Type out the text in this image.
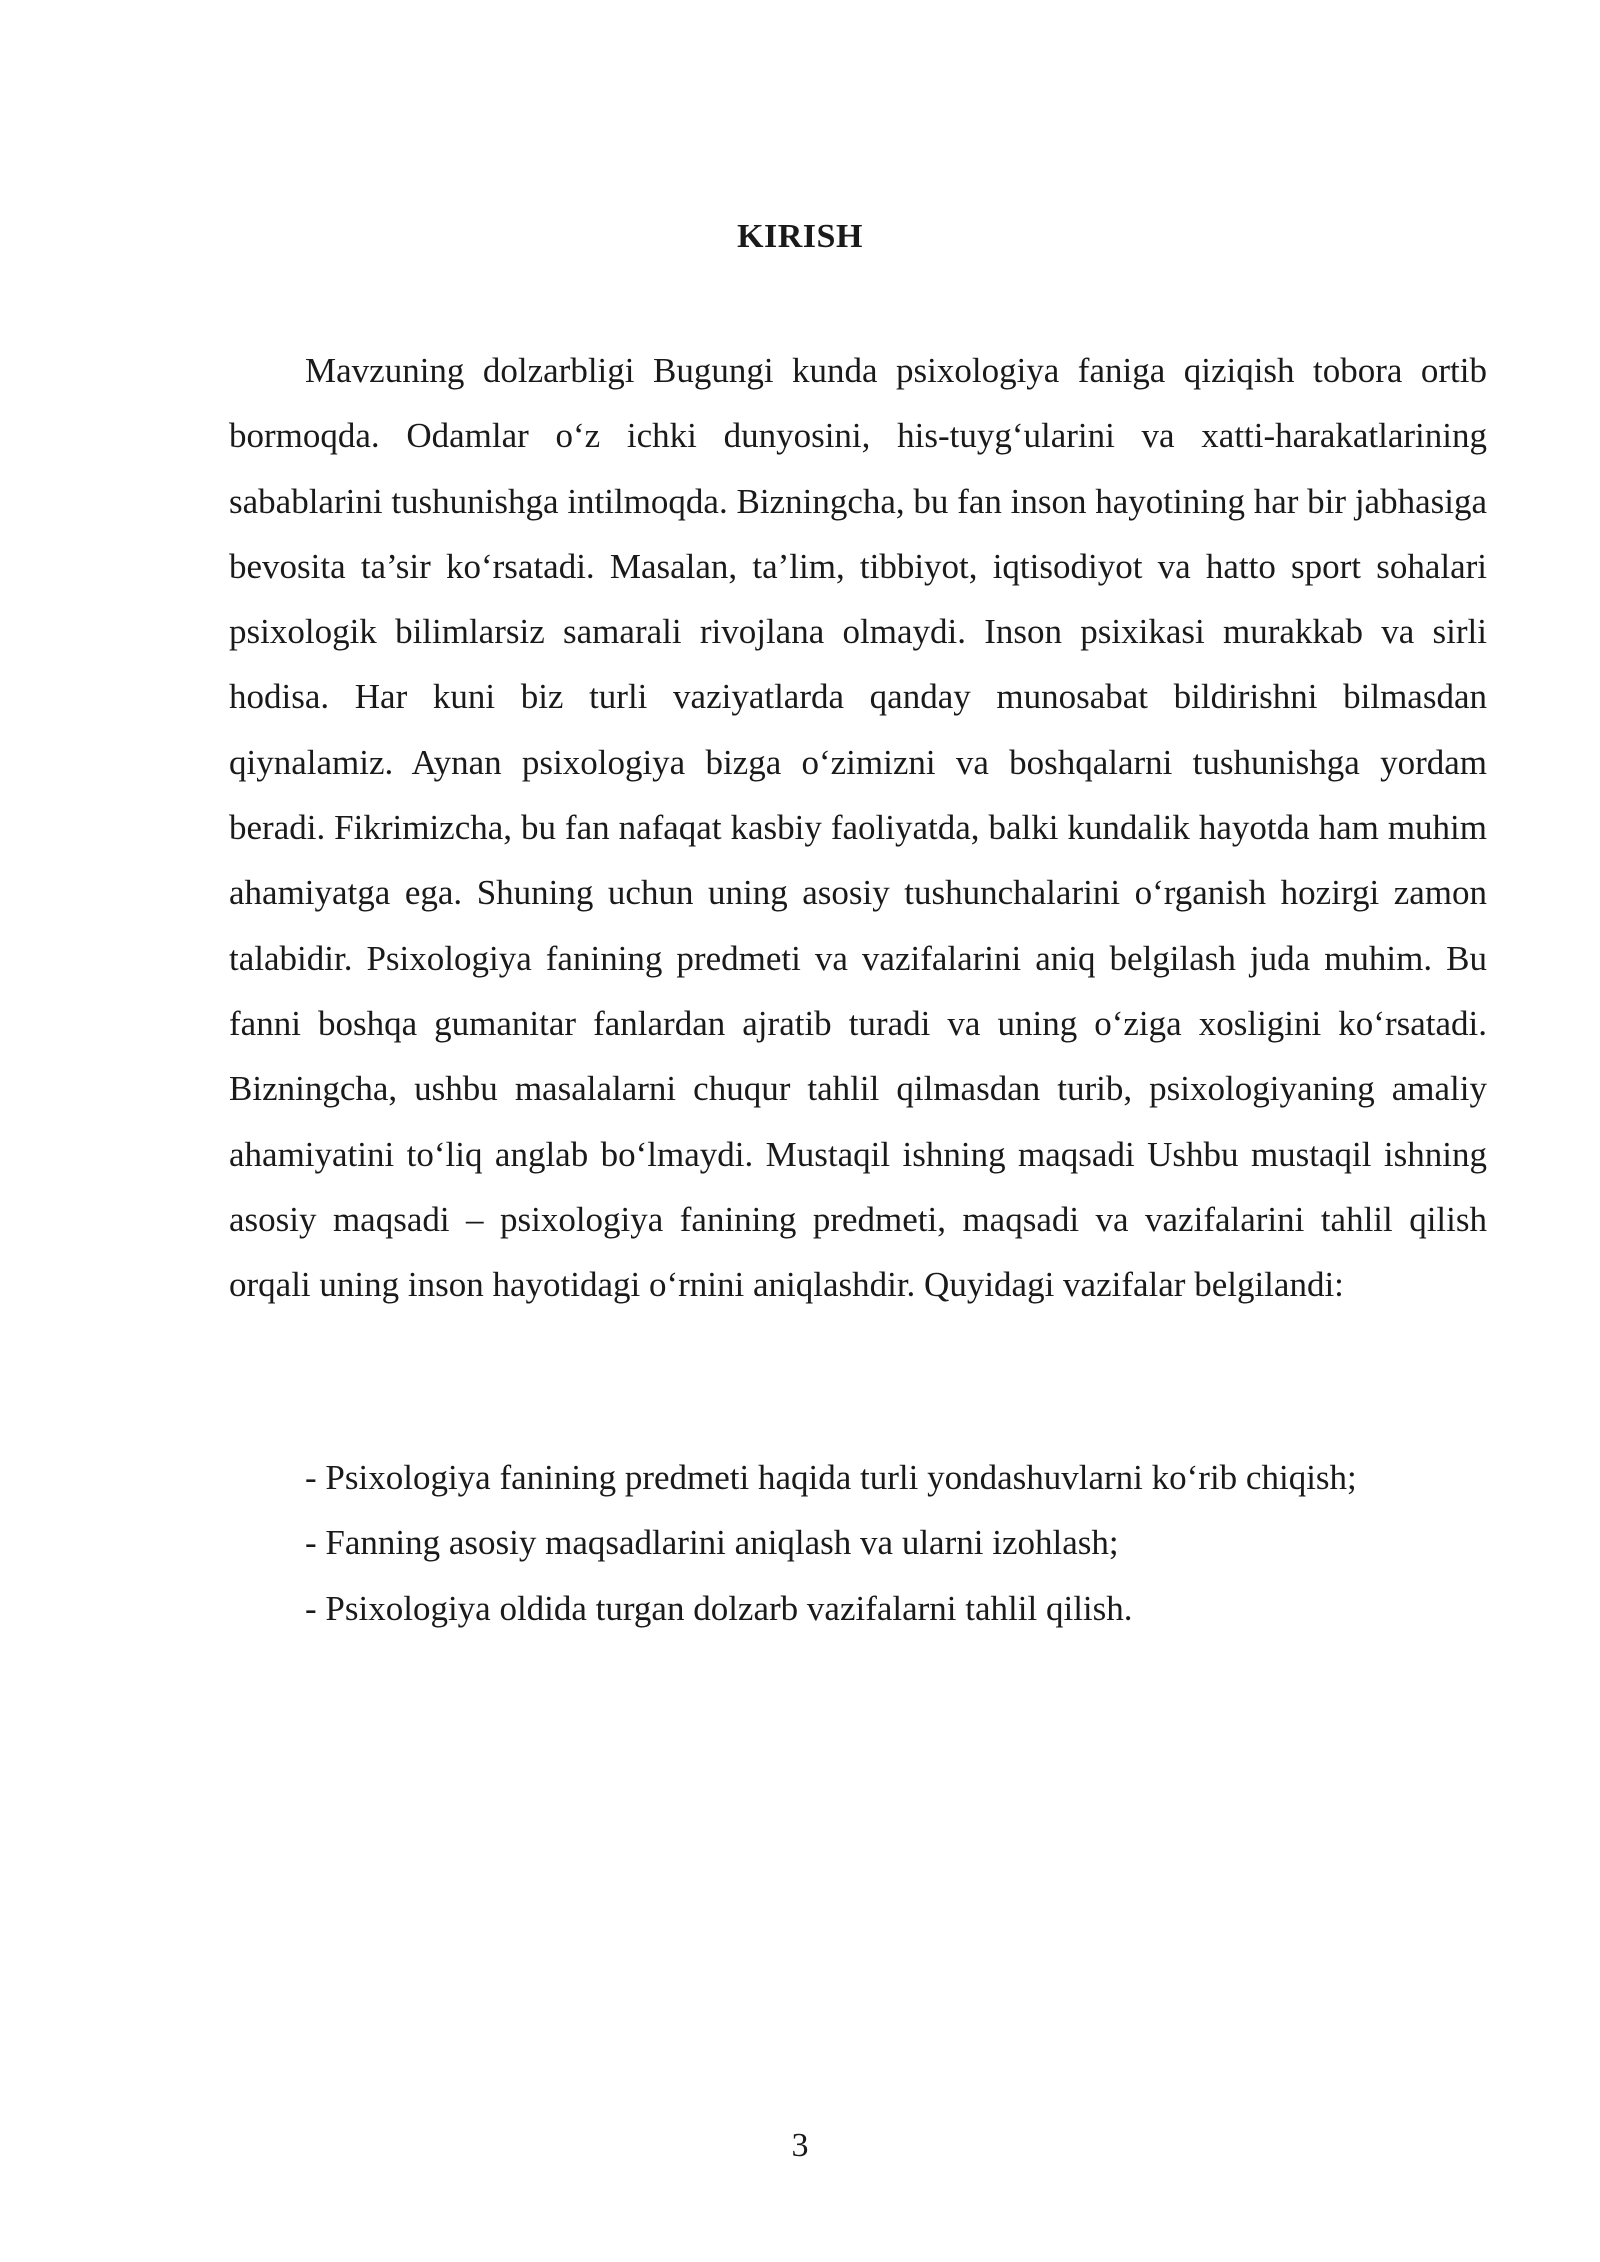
KIRISH

Mavzuning dolzarbligi Bugungi kunda psixologiya faniga qiziqish tobora ortib bormoqda. Odamlar o‘z ichki dunyosini, his-tuyg‘ularini va xatti-harakatlarining sabablarini tushunishga intilmoqda. Bizningcha, bu fan inson hayotining har bir jabhasiga bevosita ta’sir ko‘rsatadi. Masalan, ta’lim, tibbiyot, iqtisodiyot va hatto sport sohalari psixologik bilimlarsiz samarali rivojlana olmaydi. Inson psixikasi murakkab va sirli hodisa. Har kuni biz turli vaziyatlarda qanday munosabat bildirishni bilmasdan qiynalamiz. Aynan psixologiya bizga o‘zimizni va boshqalarni tushunishga yordam beradi. Fikrimizcha, bu fan nafaqat kasbiy faoliyatda, balki kundalik hayotda ham muhim ahamiyatga ega. Shuning uchun uning asosiy tushunchalarini o‘rganish hozirgi zamon talabidir. Psixologiya fanining predmeti va vazifalarini aniq belgilash juda muhim. Bu fanni boshqa gumanitar fanlardan ajratib turadi va uning o‘ziga xosligini ko‘rsatadi. Bizningcha, ushbu masalalarni chuqur tahlil qilmasdan turib, psixologiyaning amaliy ahamiyatini to‘liq anglab bo‘lmaydi. Mustaqil ishning maqsadi Ushbu mustaqil ishning asosiy maqsadi – psixologiya fanining predmeti, maqsadi va vazifalarini tahlil qilish orqali uning inson hayotidagi o‘rnini aniqlashdir. Quyidagi vazifalar belgilandi:

- Psixologiya fanining predmeti haqida turli yondashuvlarni ko‘rib chiqish;
- Fanning asosiy maqsadlarini aniqlash va ularni izohlash;
- Psixologiya oldida turgan dolzarb vazifalarni tahlil qilish.
3
